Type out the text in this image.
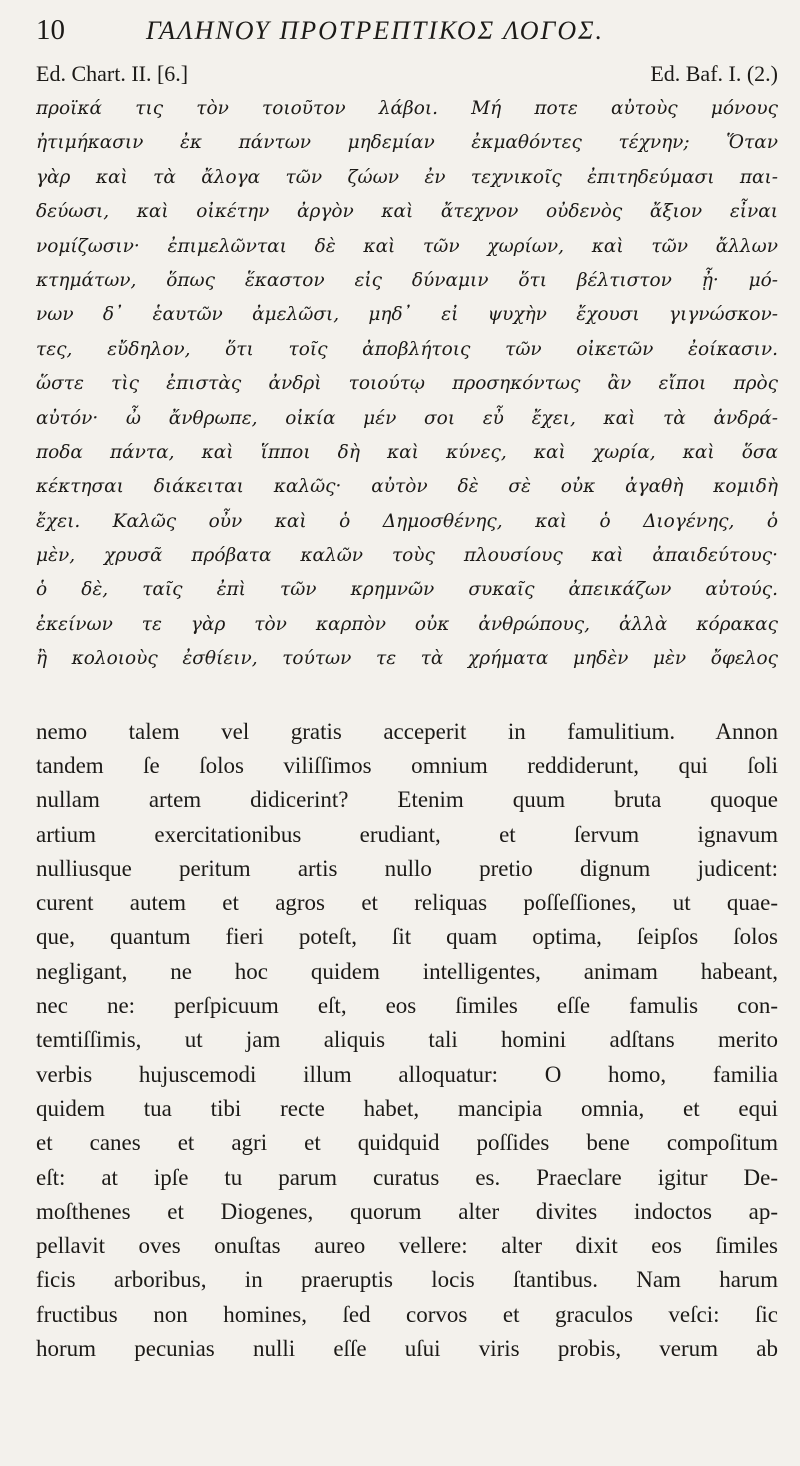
10	ΓΑΛΗΝΟΥ ΠΡΟΤΡΕΠΤΙΚΟΣ ΛΟΓΟΣ.
Ed. Chart. II. [6.]	Ed. Baf. I. (2.)
προϊκά τις τὸν τοιοῦτον λάβοι. Μή ποτε αὐτοὺς μόνους
ἠτιμήκασιν ἐκ πάντων μηδεμίαν ἐκμαθόντες τέχνην; Ὅταν
γὰρ καὶ τὰ ἄλογα τῶν ζώων ἐν τεχνικοῖς ἐπιτηδεύμασι παι-
δεύωσι, καὶ οἰκέτην ἀργὸν καὶ ἄτεχνον οὐδενὸς ἄξιον εἶναι
νομίζωσιν· ἐπιμελῶνται δὲ καὶ τῶν χωρίων, καὶ τῶν ἄλλων
κτημάτων, ὅπως ἕκαστον εἰς δύναμιν ὅτι βέλτιστον ᾖ· μό-
νων δ᾽ ἑαυτῶν ἀμελῶσι, μηδ᾽ εἰ ψυχὴν ἔχουσι γιγνώσκον-
τες, εὔδηλον, ὅτι τοῖς ἀποβλήτοις τῶν οἰκετῶν ἐοίκασιν.
ὥστε τὶς ἐπιστὰς ἀνδρὶ τοιούτῳ προσηκόντως ἂν εἴποι πρὸς
αὐτόν· ὦ ἄνθρωπε, οἰκία μέν σοι εὖ ἔχει, καὶ τὰ ἀνδρά-
ποδα πάντα, καὶ ἵπποι δὴ καὶ κύνες, καὶ χωρία, καὶ ὅσα
κέκτησαι διάκειται καλῶς· αὐτὸν δὲ σὲ οὐκ ἀγαθὴ κομιδὴ
ἔχει. Καλῶς οὖν καὶ ὁ Δημοσθένης, καὶ ὁ Διογένης, ὁ
μὲν, χρυσᾶ πρόβατα καλῶν τοὺς πλουσίους καὶ ἀπαιδεύτους·
ὁ δὲ, ταῖς ἐπὶ τῶν κρημνῶν συκαῖς ἀπεικάζων αὐτούς.
ἐκείνων τε γὰρ τὸν καρπὸν οὐκ ἀνθρώπους, ἀλλὰ κόρακας
ἢ κολοιοὺς ἐσθίειν, τούτων τε τὰ χρήματα μηδὲν μὲν ὄφελος
nemo talem vel gratis acceperit in famulitium. Annon
tandem ſe ſolos viliſſimos omnium reddiderunt, qui ſoli
nullam artem didicerint? Etenim quum bruta quoque
artium exercitationibus erudiant, et ſervum ignavum
nulliusque peritum artis nullo pretio dignum judicent:
curent autem et agros et reliquas poſſeſſiones, ut quae-
que, quantum fieri poteſt, ſit quam optima, ſeipſos ſolos
negligant, ne hoc quidem intelligentes, animam habeant,
nec ne: perſpicuum eſt, eos ſimiles eſſe famulis con-
temtiſſimis, ut jam aliquis tali homini adſtans merito
verbis hujuscemodi illum alloquatur: O homo, familia
quidem tua tibi recte habet, mancipia omnia, et equi
et canes et agri et quidquid poſſides bene compoſitum
eſt: at ipſe tu parum curatus es. Praeclare igitur De-
moſthenes et Diogenes, quorum alter divites indoctos ap-
pellavit oves onuſtas aureo vellere: alter dixit eos ſimiles
ficis arboribus, in praeruptis locis ſtantibus. Nam harum
fructibus non homines, ſed corvos et graculos veſci: ſic
horum pecunias nulli eſſe uſui viris probis, verum ab
